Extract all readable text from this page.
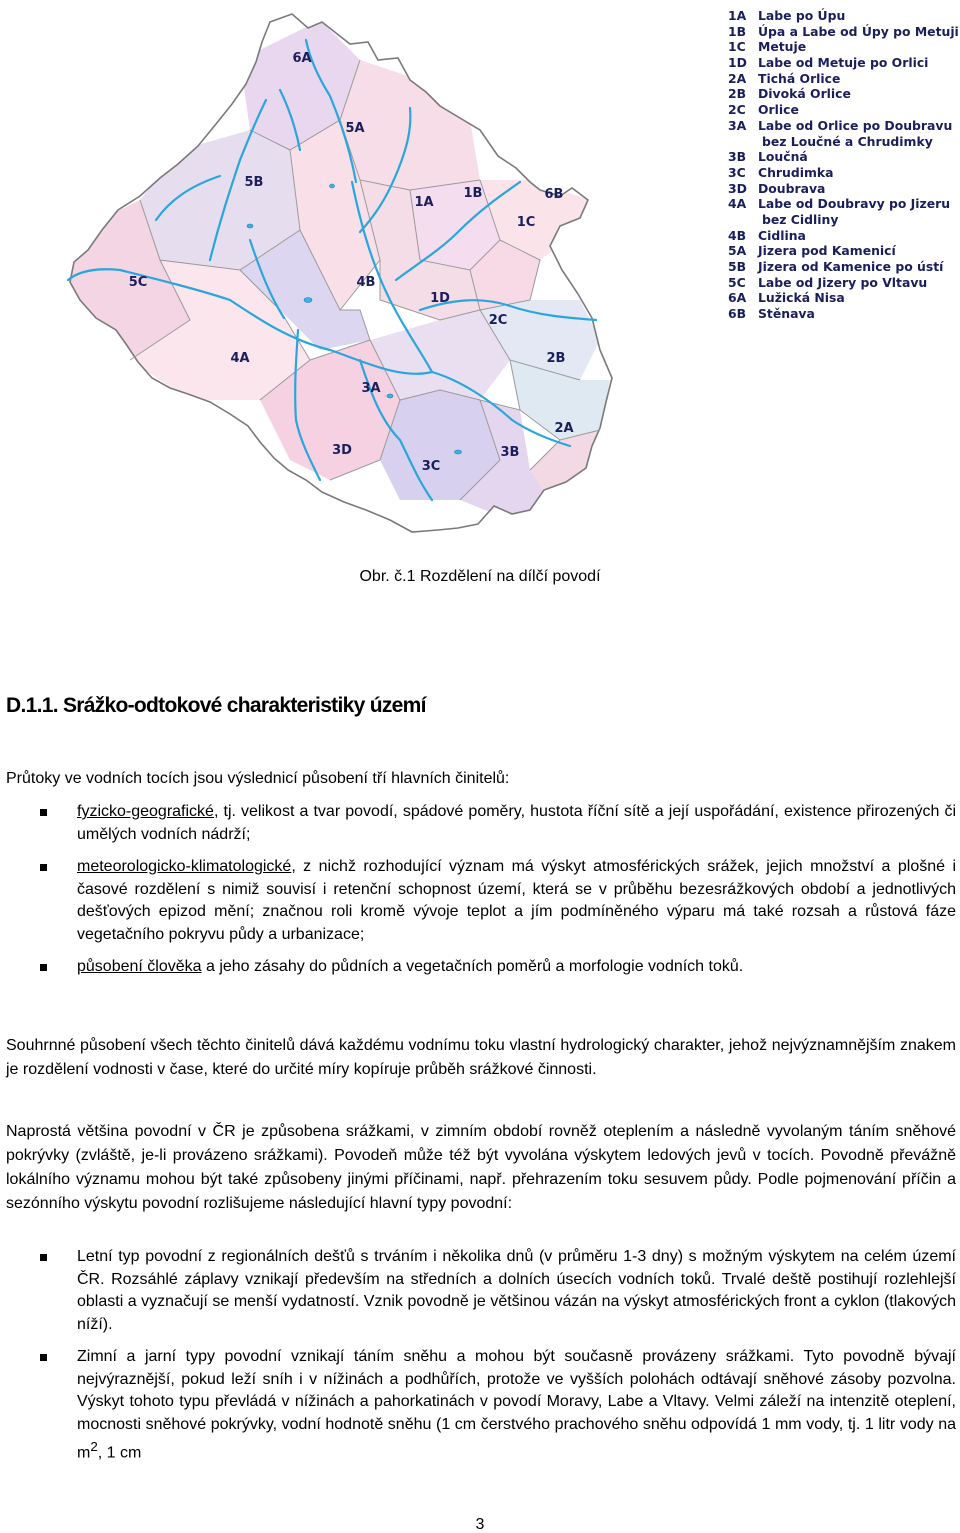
6A
5A
5B
1A
1B	6B
1C
5C	4B
1D
2C
4A	2B
3A
2A
3D
3C
3B
1A Labe po Úpu
1B Úpa a Labe od Úpy po Metuji
1C Metuje
1D Labe od Metuje po Orlici
2A Tichá Orlice
2B Divoká Orlice
2C Orlice
3A Labe od Orlice po Doubravu
bez Loučné a Chrudimky
3B Loučná
3C Chrudimka
3D Doubrava
4A Labe od Doubravy po Jizeru
bez Cidliny
4B Cidlina
5A Jizera pod Kamenicí
5B Jizera od Kamenice po ústí
5C Labe od Jizery po Vltavu
6A Lužická Nisa
6B Stěnava
Obr. č.1 Rozdělení na dílčí povodí
D.1.1. Srážko-odtokové charakteristiky území

Průtoky ve vodních tocích jsou výslednicí působení tří hlavních činitelů:

fyzicko-geografické, tj. velikost a tvar povodí, spádové poměry, hustota říční sítě a její uspořádání, existence přirozených či umělých vodních nádrží;
meteorologicko-klimatologické, z nichž rozhodující význam má výskyt atmosférických srážek, jejich množství a plošné i časové rozdělení s nimiž souvisí i retenční schopnost území, která se v průběhu bezesrážkových období a jednotlivých dešťových epizod mění; značnou roli kromě vývoje teplot a jím podmíněného výparu má také rozsah a růstová fáze vegetačního pokryvu půdy a urbanizace;
působení člověka a jeho zásahy do půdních a vegetačních poměrů a morfologie vodních toků.

Souhrnné působení všech těchto činitelů dává každému vodnímu toku vlastní hydrologický charakter, jehož nejvýznamnějším znakem je rozdělení vodnosti v čase, které do určité míry kopíruje průběh srážkové činnosti.

Naprostá většina povodní v ČR je způsobena srážkami, v zimním období rovněž oteplením a následně vyvolaným táním sněhové pokrývky (zvláště, je-li provázeno srážkami). Povodeň může též být vyvolána výskytem ledových jevů v tocích. Povodně převážně lokálního významu mohou být také způsobeny jinými příčinami, např. přehrazením toku sesuvem půdy. Podle pojmenování příčin a sezónního výskytu povodní rozlišujeme následující hlavní typy povodní:

Letní typ povodní z regionálních dešťů s trváním i několika dnů (v průměru 1-3 dny) s možným výskytem na celém území ČR. Rozsáhlé záplavy vznikají především na středních a dolních úsecích vodních toků. Trvalé deště postihují rozlehlejší oblasti a vyznačují se menší vydatností. Vznik povodně je většinou vázán na výskyt atmosférických front a cyklon (tlakových níží).
Zimní a jarní typy povodní vznikají táním sněhu a mohou být současně provázeny srážkami. Tyto povodně bývají nejvýraznější, pokud leží sníh i v nížinách a podhůřích, protože ve vyšších polohách odtávají sněhové zásoby pozvolna. Výskyt tohoto typu převládá v nížinách a pahorkatinách v povodí Moravy, Labe a Vltavy. Velmi záleží na intenzitě oteplení, mocnosti sněhové pokrývky, vodní hodnotě sněhu (1 cm čerstvého prachového sněhu odpovídá 1 mm vody, tj. 1 litr vody na $m^2$, 1 cm
3
